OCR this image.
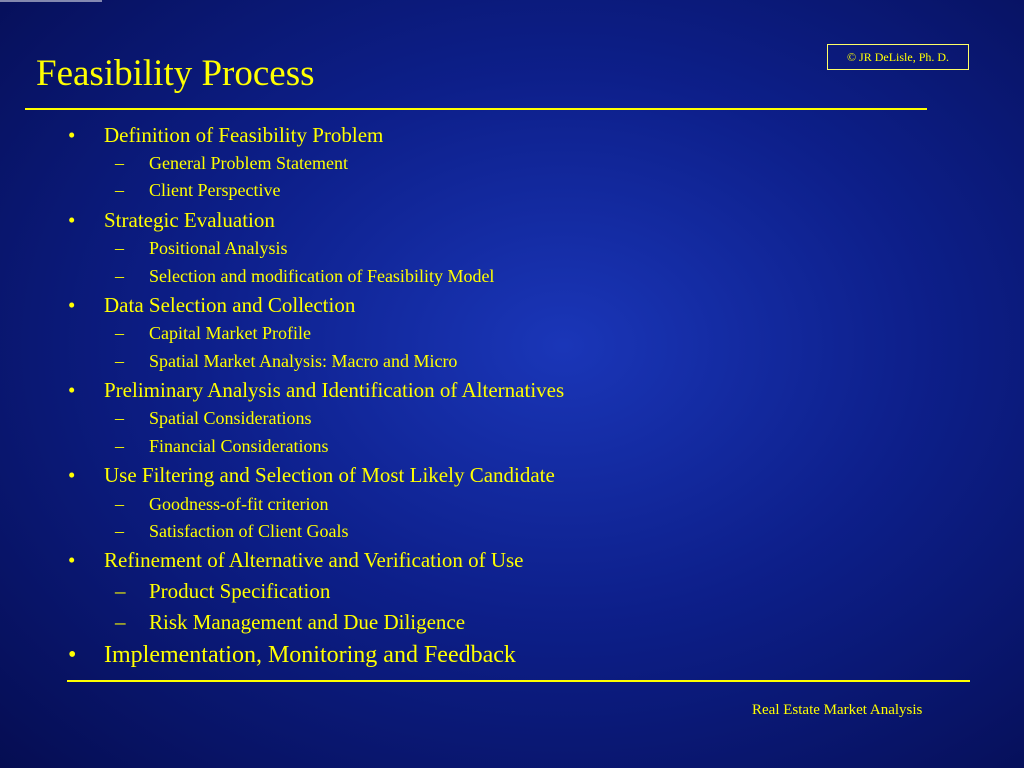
Feasibility Process	© JR DeLisle, Ph. D.
• Definition of Feasibility Problem
– General Problem Statement
– Client Perspective
• Strategic Evaluation
– Positional Analysis
– Selection and modification of Feasibility Model
• Data Selection and Collection
– Capital Market Profile
– Spatial Market Analysis: Macro and Micro
• Preliminary Analysis and Identification of Alternatives
– Spatial Considerations
– Financial Considerations
• Use Filtering and Selection of Most Likely Candidate
– Goodness-of-fit criterion
– Satisfaction of Client Goals
• Refinement of Alternative and Verification of Use
– Product Specification
– Risk Management and Due Diligence
• Implementation, Monitoring and Feedback
Real Estate Market Analysis
